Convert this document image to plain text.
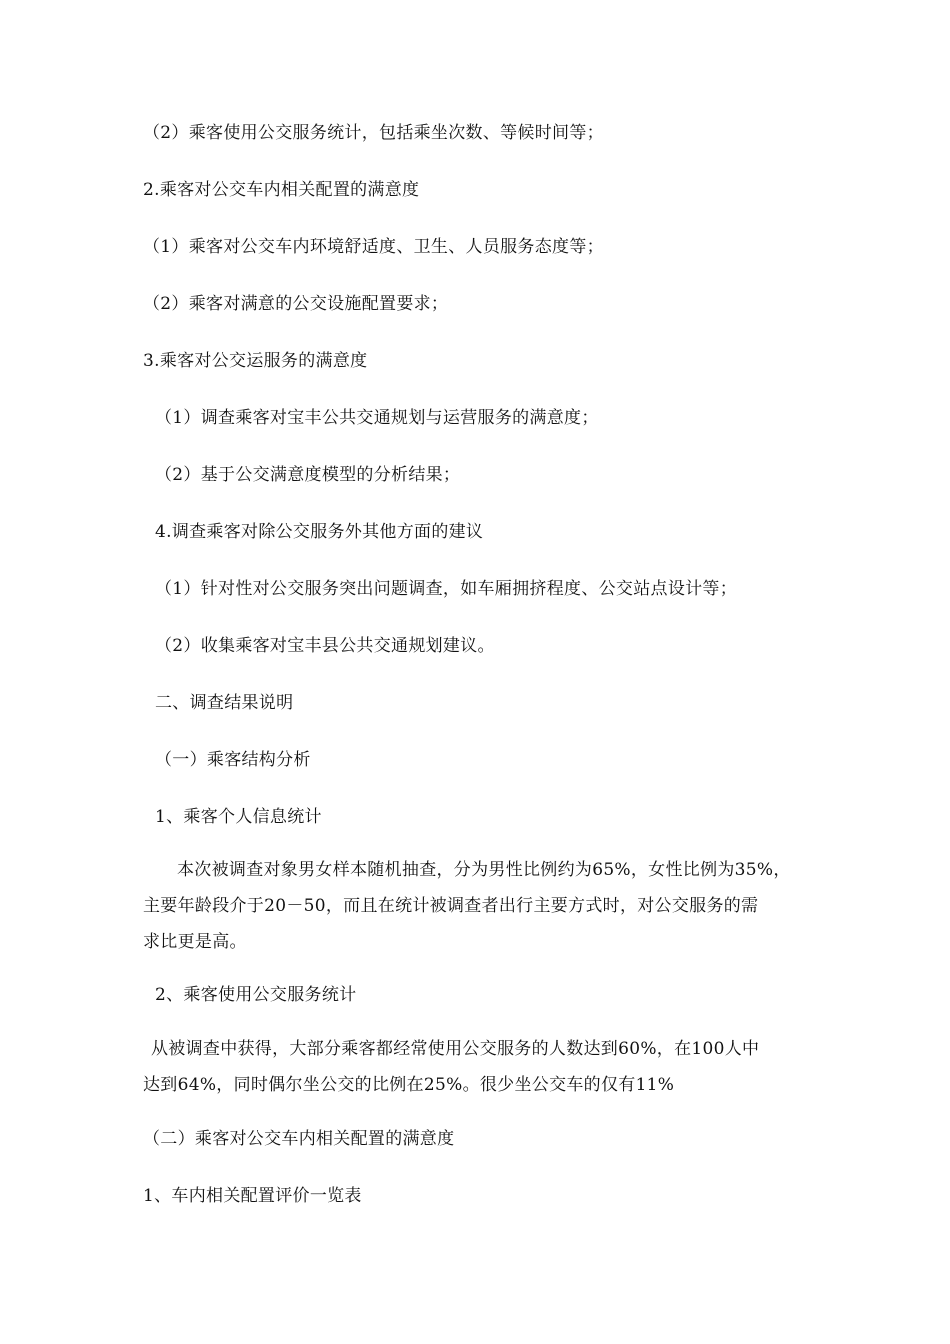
（2）乘客使用公交服务统计，包括乘坐次数、等候时间等；
2.乘客对公交车内相关配置的满意度
（1）乘客对公交车内环境舒适度、卫生、人员服务态度等；
（2）乘客对满意的公交设施配置要求；
3.乘客对公交运服务的满意度
（1）调查乘客对宝丰公共交通规划与运营服务的满意度；
（2）基于公交满意度模型的分析结果；
4.调查乘客对除公交服务外其他方面的建议
（1）针对性对公交服务突出问题调查，如车厢拥挤程度、公交站点设计等；
（2）收集乘客对宝丰县公共交通规划建议。
二、调查结果说明
（一）乘客结构分析
1、乘客个人信息统计

本次被调查对象男女样本随机抽查，分为男性比例约为65%，女性比例为35%，

主要年龄段介于20－50，而且在统计被调查者出行主要方式时，对公交服务的需

求比更是高。

2、乘客使用公交服务统计

从被调查中获得，大部分乘客都经常使用公交服务的人数达到60%，在100人中

达到64%，同时偶尔坐公交的比例在25%。很少坐公交车的仅有11%

（二）乘客对公交车内相关配置的满意度
1、车内相关配置评价一览表
